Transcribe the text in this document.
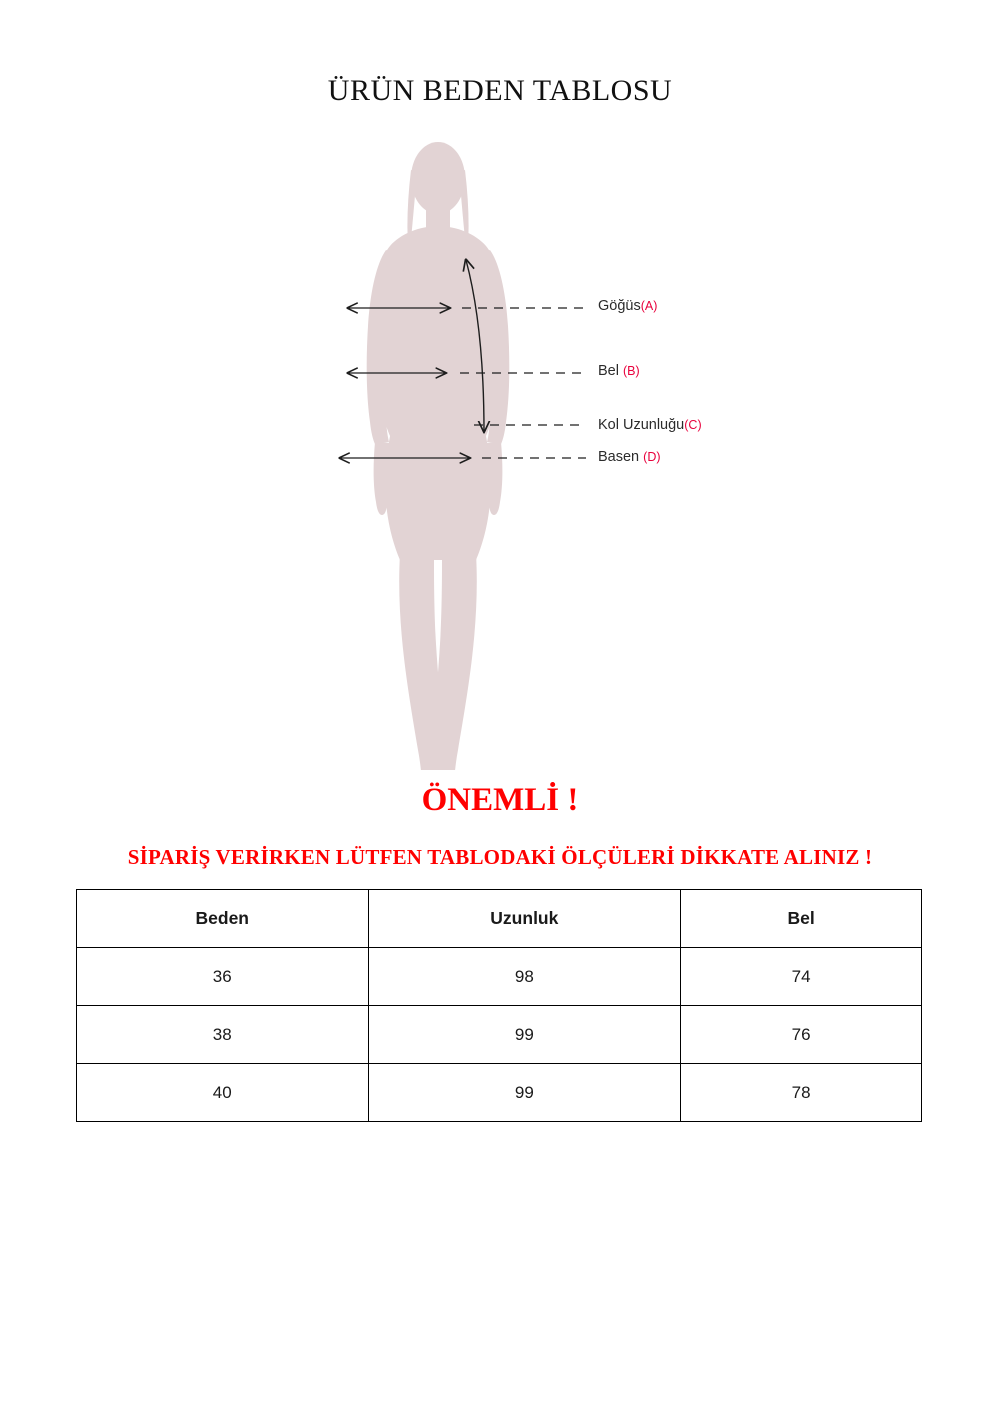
ÜRÜN BEDEN TABLOSU
Göğüs(A)
Bel (B)
Kol Uzunluğu(C)
Basen (D)
ÖNEMLİ !
SİPARİŞ VERİRKEN LÜTFEN TABLODAKİ ÖLÇÜLERİ DİKKATE ALINIZ !
Beden	Uzunluk	Bel
36	98	74
38	99	76
40	99	78
